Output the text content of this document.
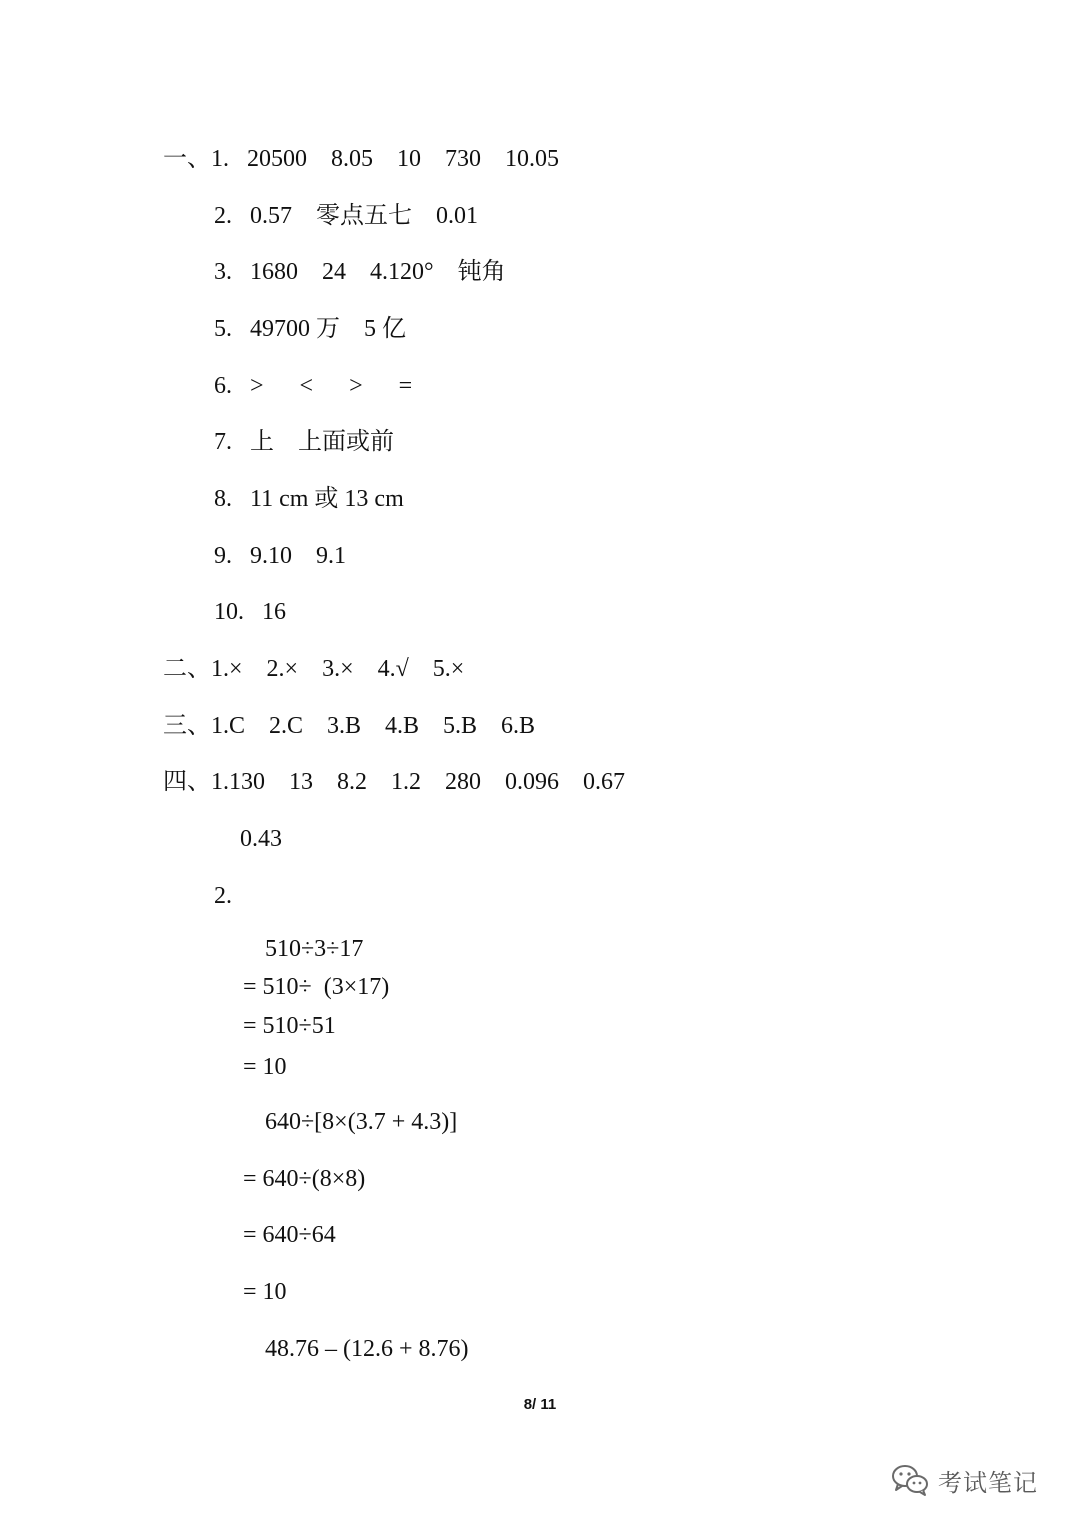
一、1.   20500    8.05    10    730    10.05
2.   0.57    零点五七    0.01
3.   1680    24    4.120°    钝角
5.   49700 万    5 亿
6.   >      <      >      =
7.   上    上面或前
8.   11 cm 或 13 cm
9.   9.10    9.1
10.   16
二、1.×    2.×    3.×    4.√    5.×
三、1.C    2.C    3.B    4.B    5.B    6.B
四、1.130    13    8.2    1.2    280    0.096    0.67
0.43
2.
510÷3÷17
= 510÷  (3×17)
= 510÷51
= 10
640÷[8×(3.7 + 4.3)]
= 640÷(8×8)
= 640÷64
= 10
48.76 – (12.6 + 8.76)
8/ 11
考试笔记
